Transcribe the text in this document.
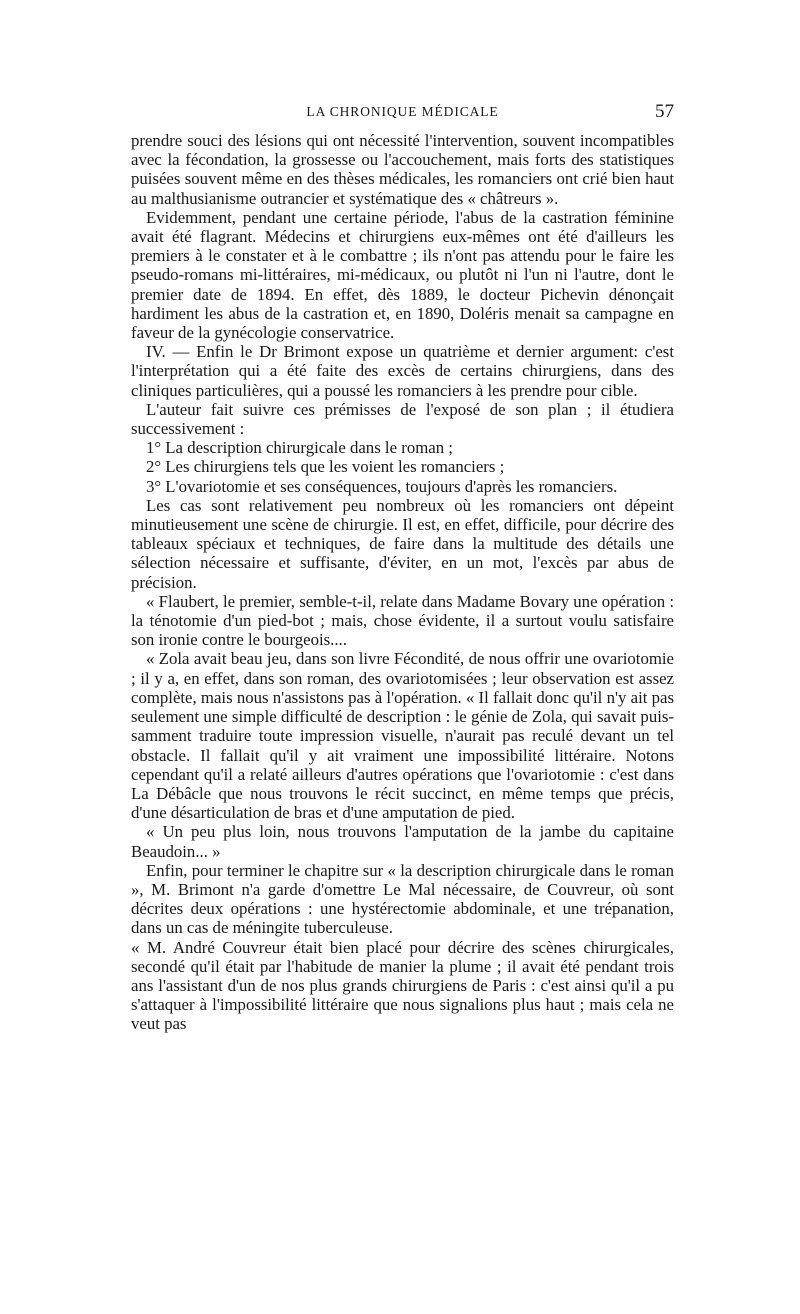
LA CHRONIQUE MÉDICALE	57

prendre souci des lésions qui ont nécessité l'intervention, souvent incompatibles avec la fécondation, la grossesse ou l'accouchement, mais forts des statistiques puisées souvent même en des thèses médicales, les romanciers ont crié bien haut au malthusianisme outrancier et systématique des « châtreurs ».

Evidemment, pendant une certaine période, l'abus de la castration féminine avait été flagrant. Médecins et chirurgiens eux-mêmes ont été d'ailleurs les premiers à le constater et à le combattre ; ils n'ont pas attendu pour le faire les pseudo-romans mi-littéraires, mi-médicaux, ou plutôt ni l'un ni l'autre, dont le premier date de 1894. En effet, dès 1889, le docteur Pichevin dénonçait hardiment les abus de la castration et, en 1890, Doléris menait sa campagne en faveur de la gynécologie conservatrice.

IV. — Enfin le Dr Brimont expose un quatrième et dernier argument: c'est l'interprétation qui a été faite des excès de certains chirurgiens, dans des cliniques particulières, qui a poussé les romanciers à les prendre pour cible.

L'auteur fait suivre ces prémisses de l'exposé de son plan ; il étudiera successivement :

1° La description chirurgicale dans le roman ;

2° Les chirurgiens tels que les voient les romanciers ;

3° L'ovariotomie et ses conséquences, toujours d'après les romanciers.

Les cas sont relativement peu nombreux où les romanciers ont dépeint minutieusement une scène de chirurgie. Il est, en effet, difficile, pour décrire des tableaux spéciaux et techniques, de faire dans la multitude des détails une sélection nécessaire et suffisante, d'éviter, en un mot, l'excès par abus de précision.

« Flaubert, le premier, semble-t-il, relate dans Madame Bovary une opération : la ténotomie d'un pied-bot ; mais, chose évidente, il a surtout voulu satisfaire son ironie contre le bourgeois....

« Zola avait beau jeu, dans son livre Fécondité, de nous offrir une ovariotomie ; il y a, en effet, dans son roman, des ovariotomisées ; leur observation est assez complète, mais nous n'assistons pas à l'opération. « Il fallait donc qu'il n'y ait pas seulement une simple difficulté de description : le génie de Zola, qui savait puissamment traduire toute impression visuelle, n'aurait pas reculé devant un tel obstacle. Il fallait qu'il y ait vraiment une impossibilité littéraire. Notons cependant qu'il a relaté ailleurs d'autres opérations que l'ovariotomie : c'est dans La Débâcle que nous trouvons le récit succinct, en même temps que précis, d'une désarticulation de bras et d'une amputation de pied.

« Un peu plus loin, nous trouvons l'amputation de la jambe du capitaine Beaudoin... »

Enfin, pour terminer le chapitre sur « la description chirurgicale dans le roman », M. Brimont n'a garde d'omettre Le Mal nécessaire, de Couvreur, où sont décrites deux opérations : une hystérectomie abdominale, et une trépanation, dans un cas de méningite tuberculeuse.

« M. André Couvreur était bien placé pour décrire des scènes chirurgicales, secondé qu'il était par l'habitude de manier la plume ; il avait été pendant trois ans l'assistant d'un de nos plus grands chirurgiens de Paris : c'est ainsi qu'il a pu s'attaquer à l'impossibilité littéraire que nous signalions plus haut ; mais cela ne veut pas
